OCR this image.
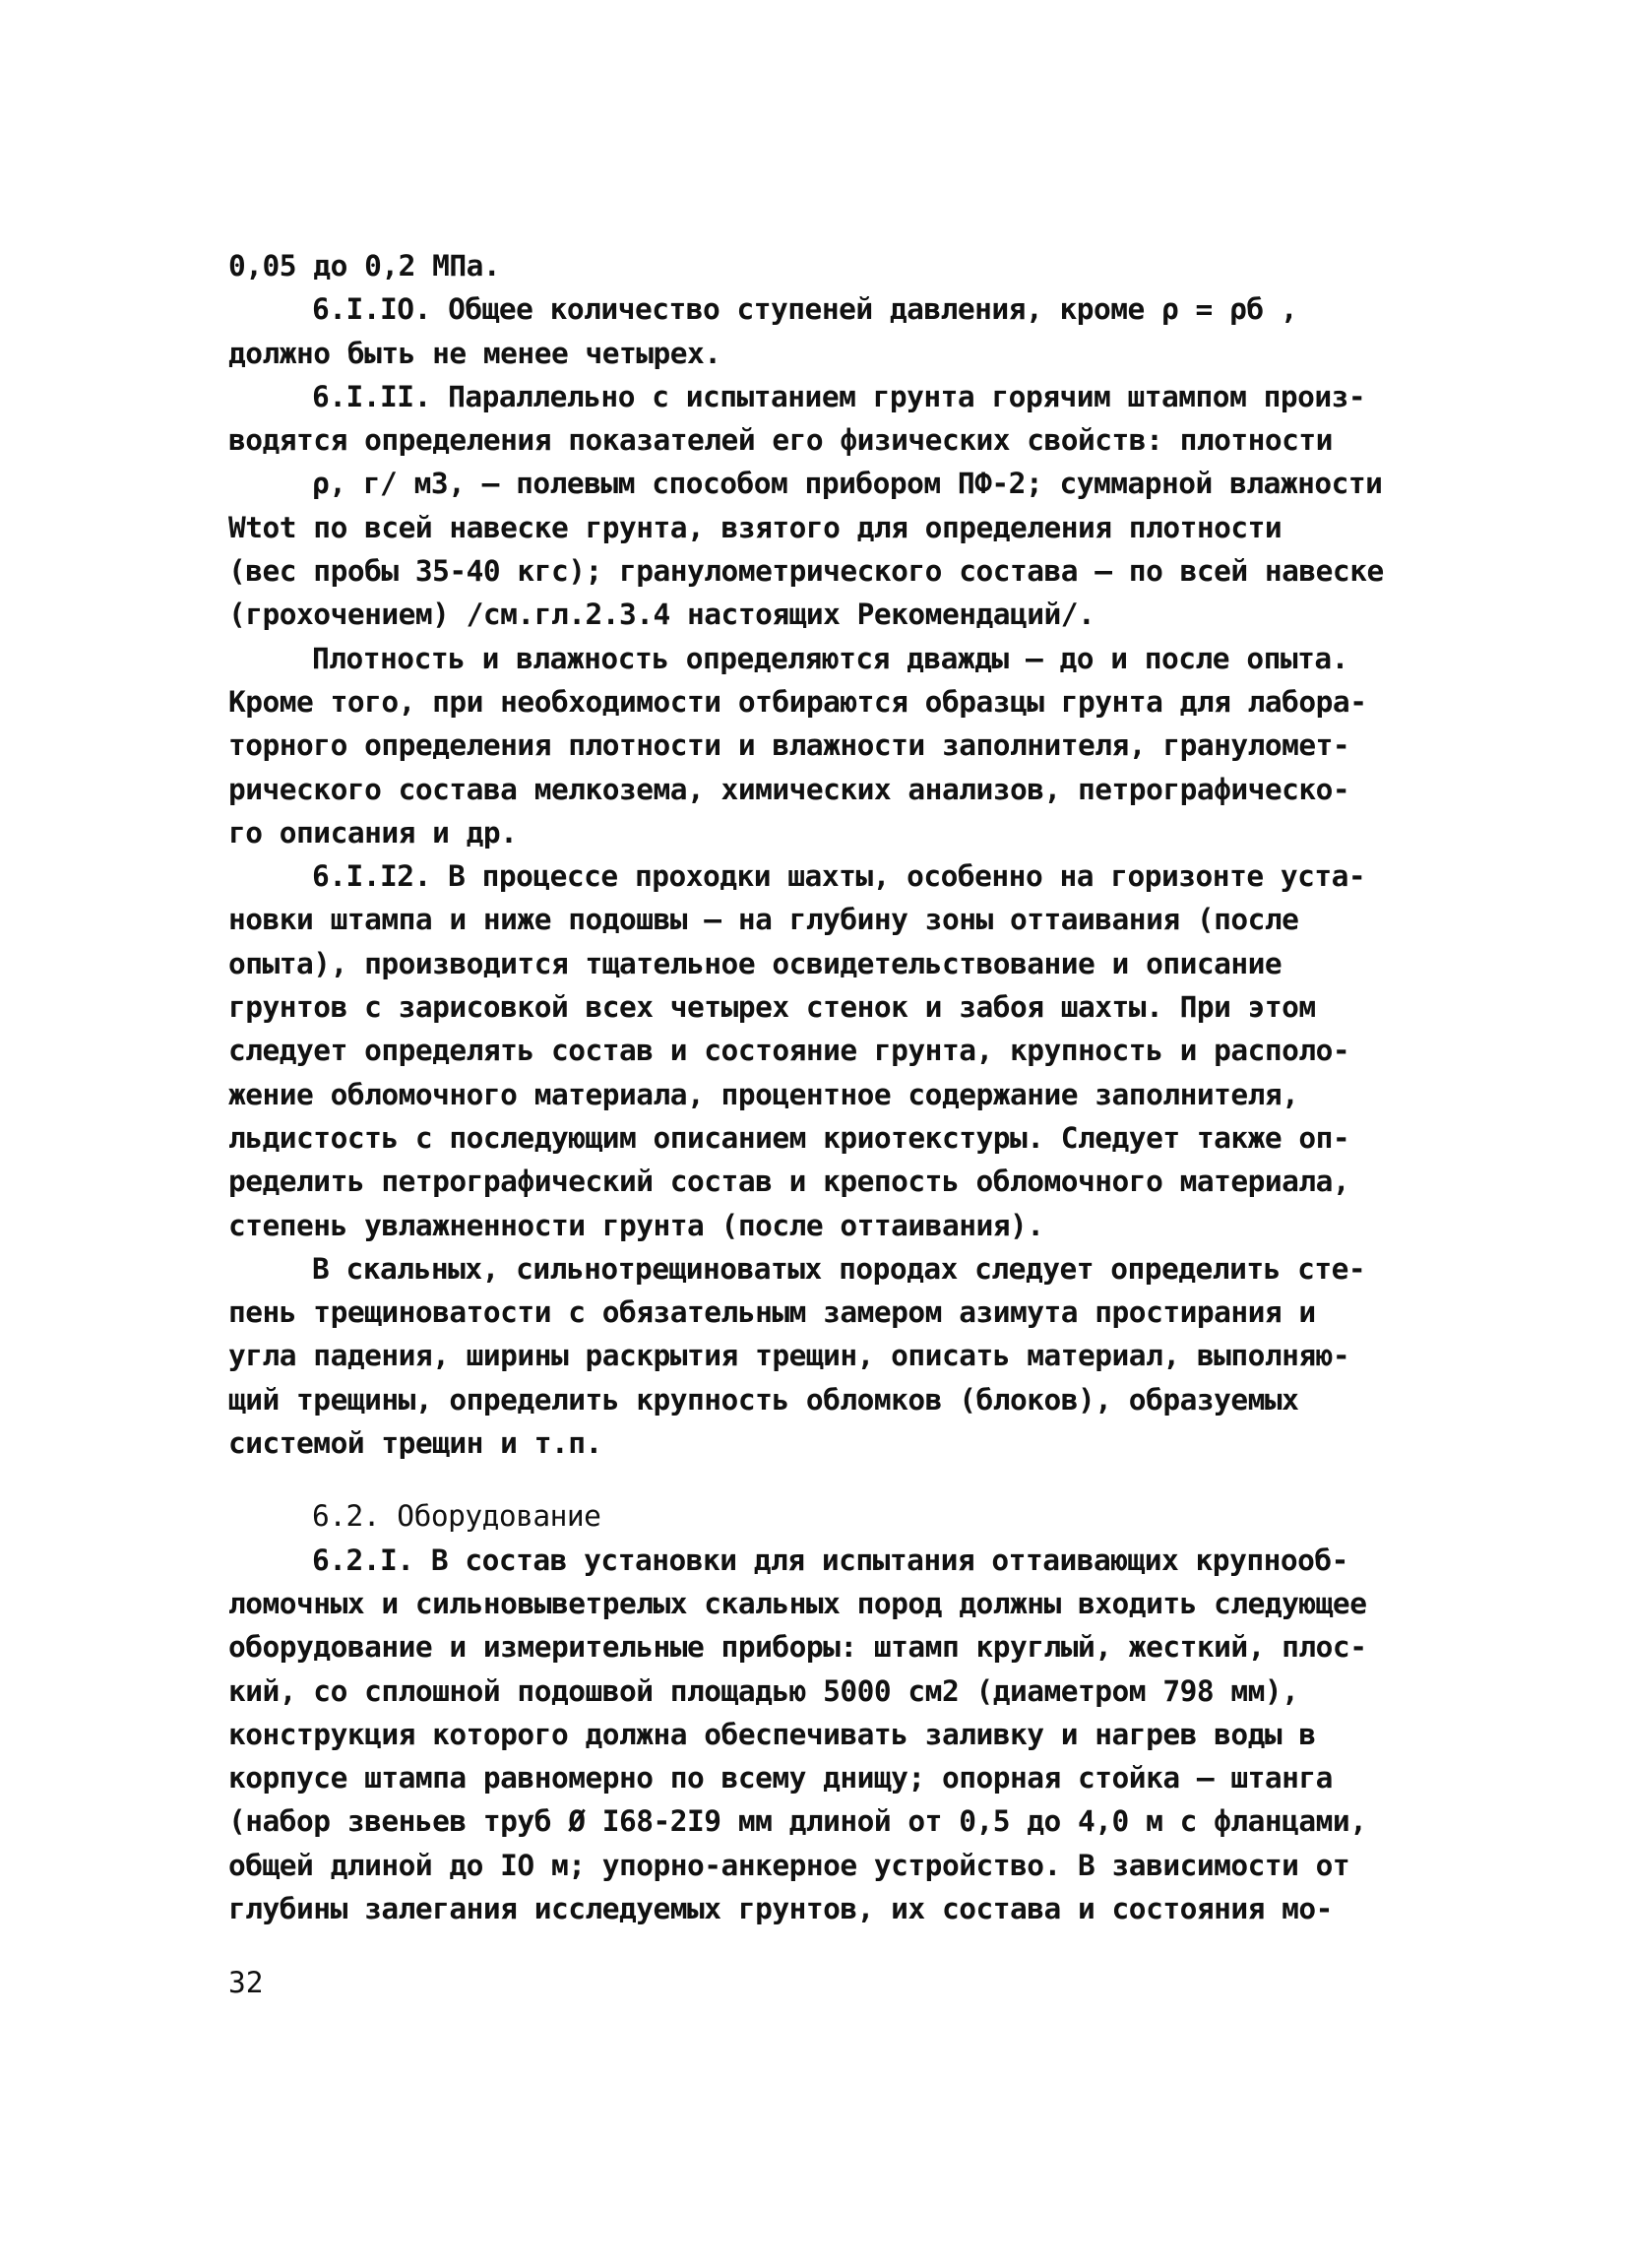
0,05 до 0,2 МПа.
6.I.IO. Общее количество ступеней давления, кроме ρ = ρб ,
должно быть не менее четырех.
6.I.II. Параллельно с испытанием грунта горячим штампом произ-
водятся определения показателей его физических свойств: плотности
ρ, г/ м3, – полевым способом прибором ПФ-2; суммарной влажности
Wtot по всей навеске грунта, взятого для определения плотности
(вес пробы 35-40 кгс); гранулометрического состава – по всей навеске
(грохочением) /см.гл.2.3.4 настоящих Рекомендаций/.
Плотность и влажность определяются дважды – до и после опыта.
Кроме того, при необходимости отбираются образцы грунта для лабора-
торного определения плотности и влажности заполнителя, грануломет-
рического состава мелкозема, химических анализов, петрографическо-
го описания и др.
6.I.I2. В процессе проходки шахты, особенно на горизонте уста-
новки штампа и ниже подошвы – на глубину зоны оттаивания (после
опыта), производится тщательное освидетельствование и описание
грунтов с зарисовкой всех четырех стенок и забоя шахты. При этом
следует определять состав и состояние грунта, крупность и располо-
жение обломочного материала, процентное содержание заполнителя,
льдистость с последующим описанием криотекстуры. Следует также оп-
ределить петрографический состав и крепость обломочного материала,
степень увлажненности грунта (после оттаивания).
В скальных, сильнотрещиноватых породах следует определить сте-
пень трещиноватости с обязательным замером азимута простирания и
угла падения, ширины раскрытия трещин, описать материал, выполняю-
щий трещины, определить крупность обломков (блоков), образуемых
системой трещин и т.п.
6.2. Оборудование
6.2.I. В состав установки для испытания оттаивающих крупнооб-
ломочных и сильновыветрелых скальных пород должны входить следующее
оборудование и измерительные приборы: штамп круглый, жесткий, плос-
кий, со сплошной подошвой площадью 5000 см2 (диаметром 798 мм),
конструкция которого должна обеспечивать заливку и нагрев воды в
корпусе штампа равномерно по всему днищу; опорная стойка – штанга
(набор звеньев труб Ø I68-2I9 мм длиной от 0,5 до 4,0 м с фланцами,
общей длиной до IO м; упорно-анкерное устройство. В зависимости от
глубины залегания исследуемых грунтов, их состава и состояния мо-
32
